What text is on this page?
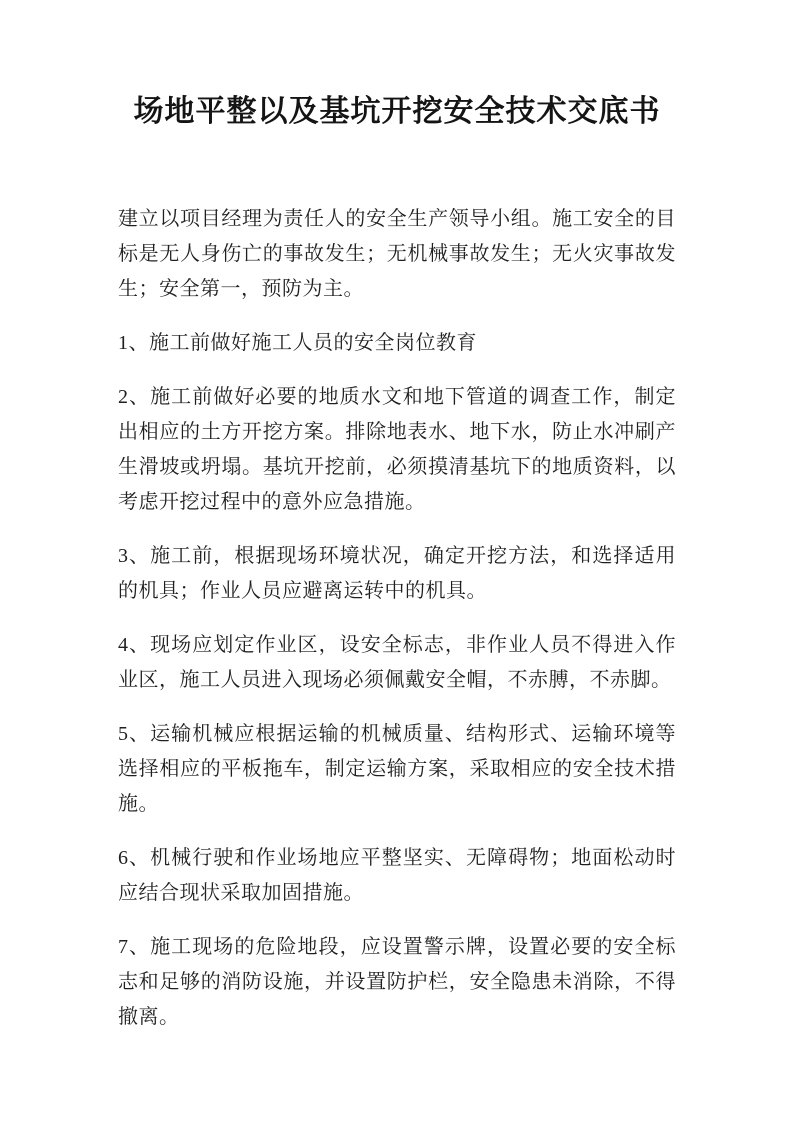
场地平整以及基坑开挖安全技术交底书

建立以项目经理为责任人的安全生产领导小组。施工安全的目标是无人身伤亡的事故发生；无机械事故发生；无火灾事故发生；安全第一，预防为主。

1、施工前做好施工人员的安全岗位教育

2、施工前做好必要的地质水文和地下管道的调查工作，制定出相应的土方开挖方案。排除地表水、地下水，防止水冲刷产生滑坡或坍塌。基坑开挖前，必须摸清基坑下的地质资料，以考虑开挖过程中的意外应急措施。

3、施工前，根据现场环境状况，确定开挖方法，和选择适用的机具；作业人员应避离运转中的机具。

4、现场应划定作业区，设安全标志，非作业人员不得进入作业区，施工人员进入现场必须佩戴安全帽，不赤膊，不赤脚。

5、运输机械应根据运输的机械质量、结构形式、运输环境等选择相应的平板拖车，制定运输方案，采取相应的安全技术措施。

6、机械行驶和作业场地应平整坚实、无障碍物；地面松动时应结合现状采取加固措施。

7、施工现场的危险地段，应设置警示牌，设置必要的安全标志和足够的消防设施，并设置防护栏，安全隐患未消除，不得撤离。
